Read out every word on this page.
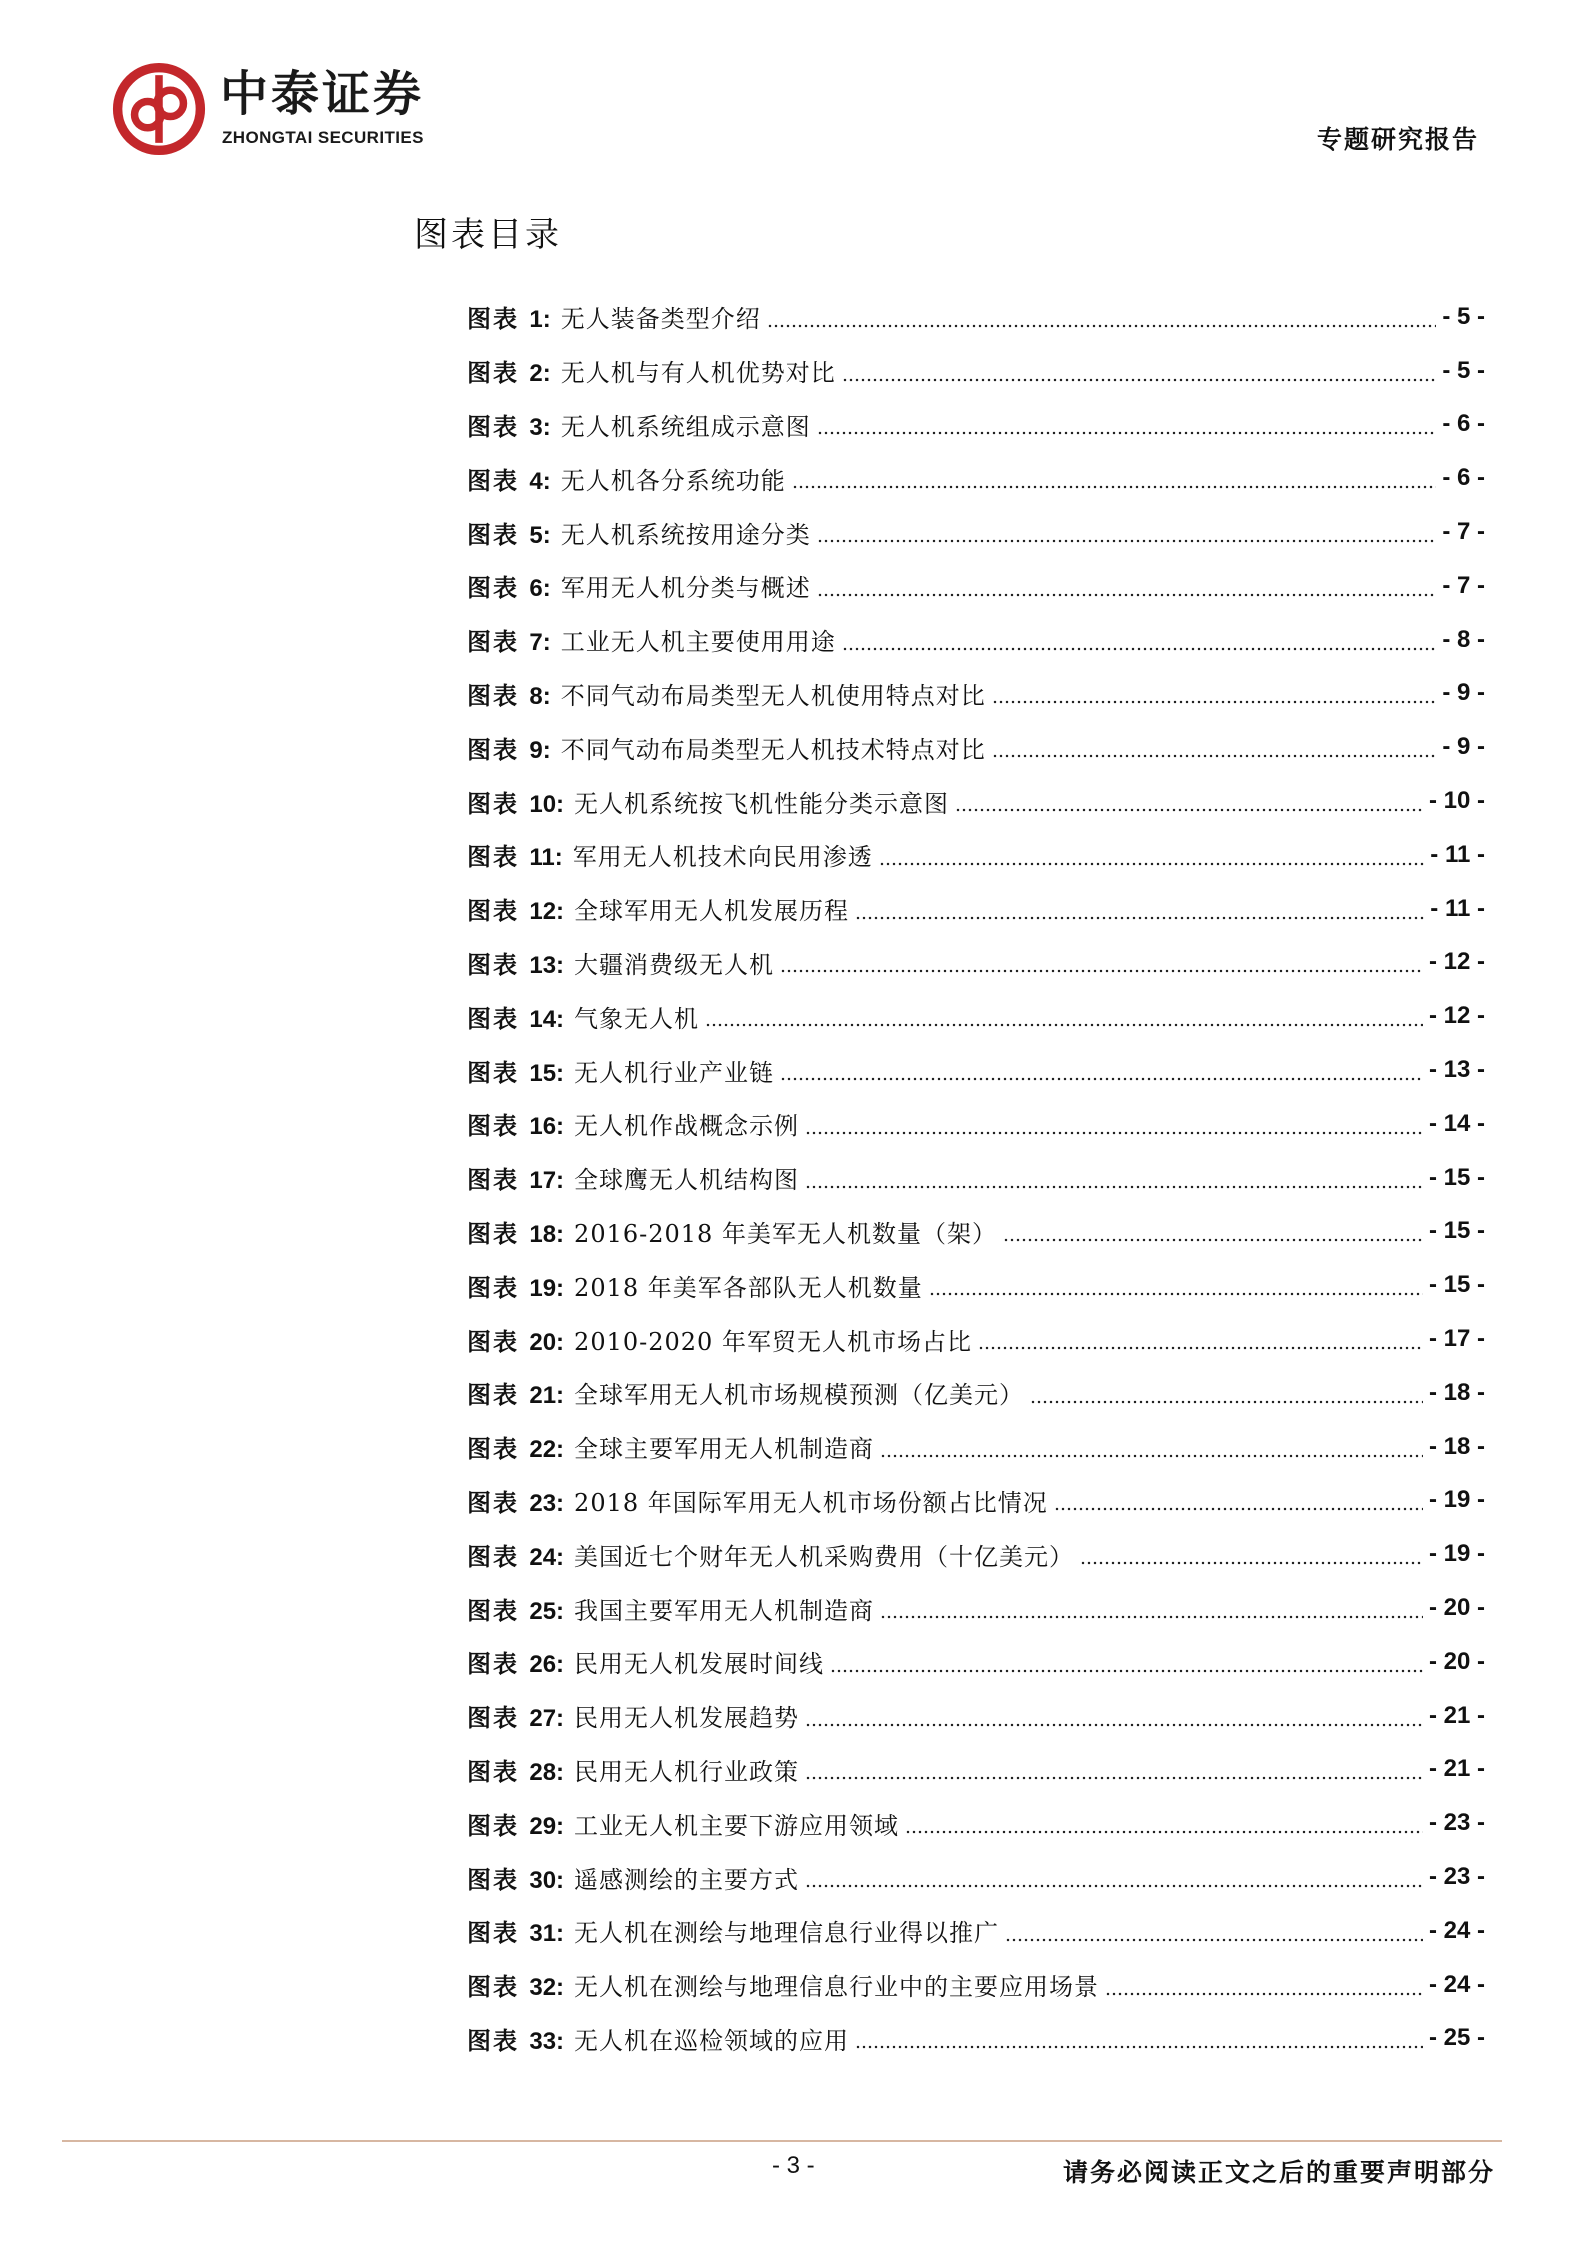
中泰证券
ZHONGTAI SECURITIES	专题研究报告
图表目录
图表 1: 无人装备类型介绍	- 5 -
图表 2: 无人机与有人机优势对比	- 5 -
图表 3: 无人机系统组成示意图	- 6 -
图表 4: 无人机各分系统功能	- 6 -
图表 5: 无人机系统按用途分类	- 7 -
图表 6: 军用无人机分类与概述	- 7 -
图表 7: 工业无人机主要使用用途	- 8 -
图表 8: 不同气动布局类型无人机使用特点对比	- 9 -
图表 9: 不同气动布局类型无人机技术特点对比	- 9 -
图表 10: 无人机系统按飞机性能分类示意图	- 10 -
图表 11: 军用无人机技术向民用渗透	- 11 -
图表 12: 全球军用无人机发展历程	- 11 -
图表 13: 大疆消费级无人机	- 12 -
图表 14: 气象无人机	- 12 -
图表 15: 无人机行业产业链	- 13 -
图表 16: 无人机作战概念示例	- 14 -
图表 17: 全球鹰无人机结构图	- 15 -
图表 18: 2016-2018 年美军无人机数量（架）	- 15 -
图表 19: 2018 年美军各部队无人机数量	- 15 -
图表 20: 2010-2020 年军贸无人机市场占比	- 17 -
图表 21: 全球军用无人机市场规模预测（亿美元）	- 18 -
图表 22: 全球主要军用无人机制造商	- 18 -
图表 23: 2018 年国际军用无人机市场份额占比情况	- 19 -
图表 24: 美国近七个财年无人机采购费用（十亿美元）	- 19 -
图表 25: 我国主要军用无人机制造商	- 20 -
图表 26: 民用无人机发展时间线	- 20 -
图表 27: 民用无人机发展趋势	- 21 -
图表 28: 民用无人机行业政策	- 21 -
图表 29: 工业无人机主要下游应用领域	- 23 -
图表 30: 遥感测绘的主要方式	- 23 -
图表 31: 无人机在测绘与地理信息行业得以推广	- 24 -
图表 32: 无人机在测绘与地理信息行业中的主要应用场景	- 24 -
图表 33: 无人机在巡检领域的应用	- 25 -
- 3 -	请务必阅读正文之后的重要声明部分
